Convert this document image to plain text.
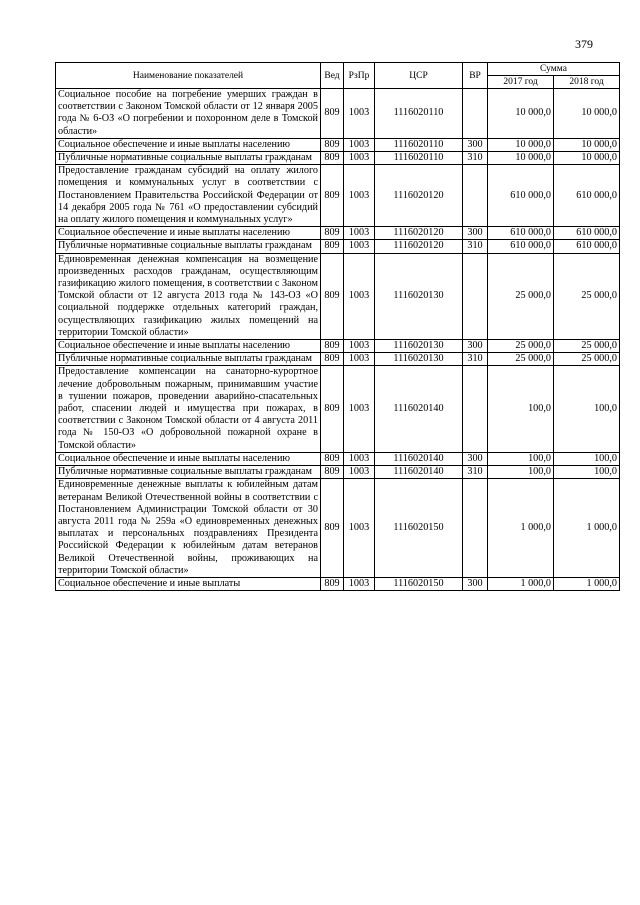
379
Наименование показателей	Вед	РзПр	ЦСР	ВР	Сумма	
					2017 год	2018 год
Социальное пособие на погребение умерших граждан в соответствии с Законом Томской области от 12 января 2005 года № 6-ОЗ «О погребении и похоронном деле в Томской области»	809	1003	1116020110		10 000,0	10 000,0
Социальное обеспечение и иные выплаты населению	809	1003	1116020110	300	10 000,0	10 000,0
Публичные нормативные социальные выплаты гражданам	809	1003	1116020110	310	10 000,0	10 000,0
Предоставление гражданам субсидий на оплату жилого помещения и коммунальных услуг в соответствии с Постановлением Правительства Российской Федерации от 14 декабря 2005 года № 761 «О предоставлении субсидий на оплату жилого помещения и коммунальных услуг»	809	1003	1116020120		610 000,0	610 000,0
Социальное обеспечение и иные выплаты населению	809	1003	1116020120	300	610 000,0	610 000,0
Публичные нормативные социальные выплаты гражданам	809	1003	1116020120	310	610 000,0	610 000,0
Единовременная денежная компенсация на возмещение произведенных расходов гражданам, осуществляющим газификацию жилого помещения, в соответствии с Законом Томской области от 12 августа 2013 года № 143-ОЗ «О социальной поддержке отдельных категорий граждан, осуществляющих газификацию жилых помещений на территории Томской области»	809	1003	1116020130		25 000,0	25 000,0
Социальное обеспечение и иные выплаты населению	809	1003	1116020130	300	25 000,0	25 000,0
Публичные нормативные социальные выплаты гражданам	809	1003	1116020130	310	25 000,0	25 000,0
Предоставление компенсации на санаторно-курортное лечение добровольным пожарным, принимавшим участие в тушении пожаров, проведении аварийно-спасательных работ, спасении людей и имущества при пожарах, в соответствии с Законом Томской области от 4 августа 2011 года № 150-ОЗ «О добровольной пожарной охране в Томской области»	809	1003	1116020140		100,0	100,0
Социальное обеспечение и иные выплаты населению	809	1003	1116020140	300	100,0	100,0
Публичные нормативные социальные выплаты гражданам	809	1003	1116020140	310	100,0	100,0
Единовременные денежные выплаты к юбилейным датам ветеранам Великой Отечественной войны в соответствии с Постановлением Администрации Томской области от 30 августа 2011 года № 259а «О единовременных денежных выплатах и персональных поздравлениях Президента Российской Федерации к юбилейным датам ветеранов Великой Отечественной войны, проживающих на территории Томской области»	809	1003	1116020150		1 000,0	1 000,0
Социальное обеспечение и иные выплаты	809	1003	1116020150	300	1 000,0	1 000,0
